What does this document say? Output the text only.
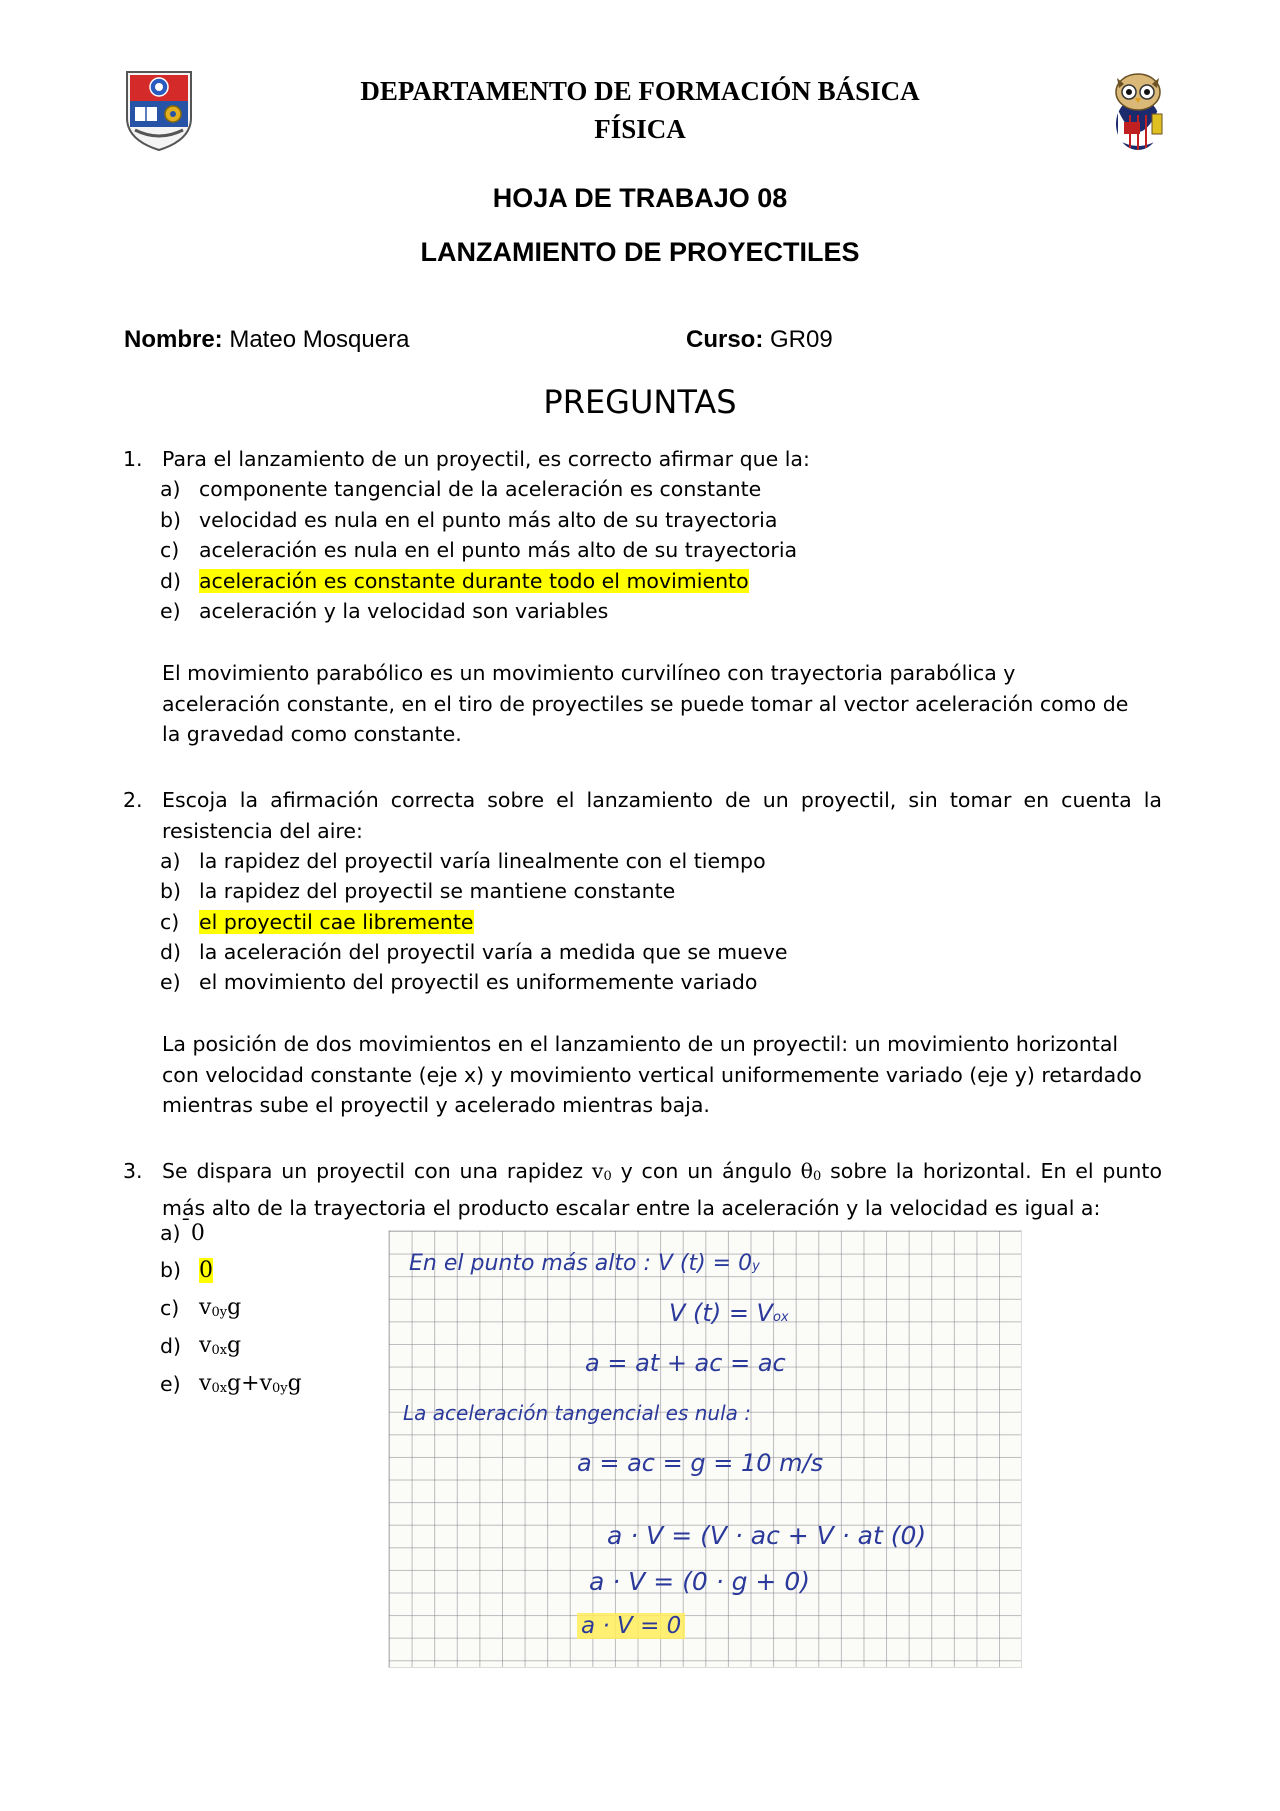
DEPARTAMENTO DE FORMACIÓN BÁSICA
FÍSICA
HOJA DE TRABAJO 08
LANZAMIENTO DE PROYECTILES
Nombre: Mateo Mosquera	Curso: GR09
PREGUNTAS
1. Para el lanzamiento de un proyectil, es correcto afirmar que la:
a) componente tangencial de la aceleración es constante
b) velocidad es nula en el punto más alto de su trayectoria
c) aceleración es nula en el punto más alto de su trayectoria
d) aceleración es constante durante todo el movimiento
e) aceleración y la velocidad son variables
El movimiento parabólico es un movimiento curvilíneo con trayectoria parabólica y aceleración constante, en el tiro de proyectiles se puede tomar al vector aceleración como de la gravedad como constante.
2. Escoja la afirmación correcta sobre el lanzamiento de un proyectil, sin tomar en cuenta la resistencia del aire:
a) la rapidez del proyectil varía linealmente con el tiempo
b) la rapidez del proyectil se mantiene constante
c) el proyectil cae libremente
d) la aceleración del proyectil varía a medida que se mueve
e) el movimiento del proyectil es uniformemente variado
La posición de dos movimientos en el lanzamiento de un proyectil: un movimiento horizontal con velocidad constante (eje x) y movimiento vertical uniformemente variado (eje y) retardado mientras sube el proyectil y acelerado mientras baja.
3. Se dispara un proyectil con una rapidez v0 y con un ángulo θ0 sobre la horizontal. En el punto más alto de la trayectoria el producto escalar entre la aceleración y la velocidad es igual a:
a)¯0
b) 0
c) v0yg
d) v0xg
e) v0xg+v0yg
En el punto más alto : V (t) = 0y
V (t) = Vox
a = at + ac = ac
La aceleración tangencial es nula :
a = ac = g = 10 m/s
a · V = (V · ac + V · at (0)
a · V = (0 · g + 0)
a · V = 0
